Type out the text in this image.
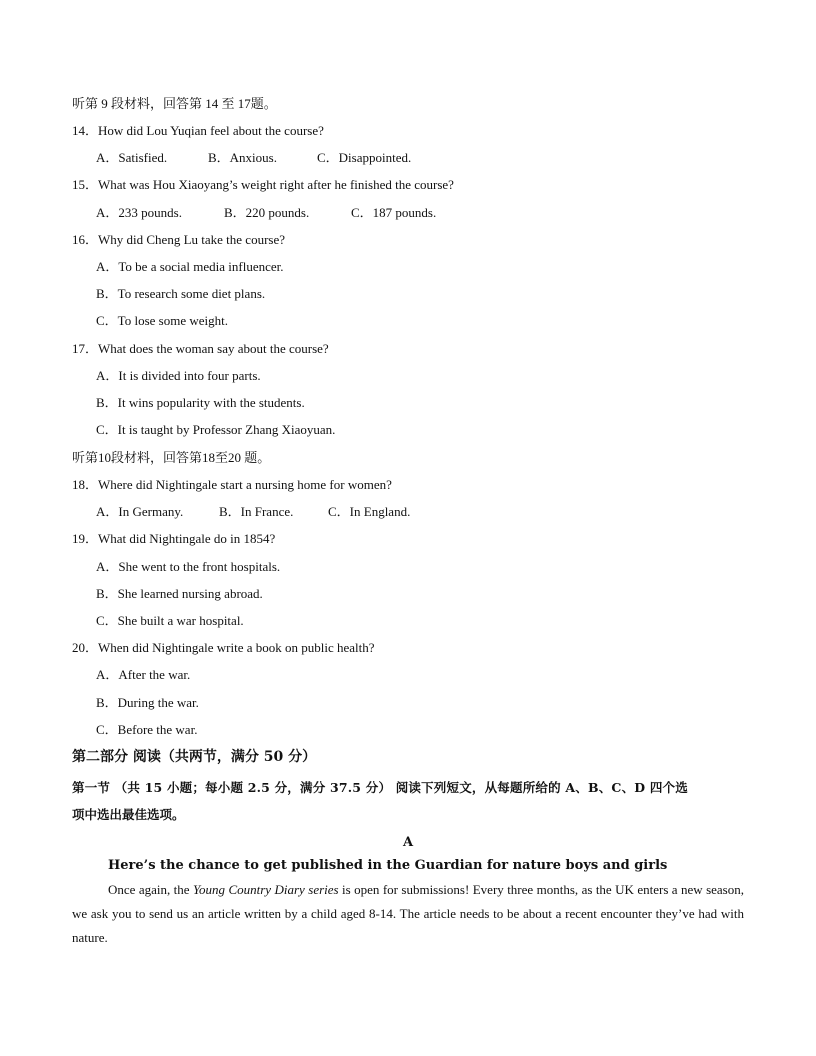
听第 9 段材料，回答第 14 至 17题。
14．How did Lou Yuqian feel about the course?
A．Satisfied.	B．Anxious.	C．Disappointed.
15．What was Hou Xiaoyang’s weight right after he finished the course?
A．233 pounds.	B．220 pounds.	C．187 pounds.
16．Why did Cheng Lu take the course?
A．To be a social media influencer.
B．To research some diet plans.
C．To lose some weight.
17．What does the woman say about the course?
A．It is divided into four parts.
B．It wins popularity with the students.
C．It is taught by Professor Zhang Xiaoyuan.
听第10段材料，回答第18至20 题。
18．Where did Nightingale start a nursing home for women?
A．In Germany.	B．In France.	C．In England.
19．What did Nightingale do in 1854?
A．She went to the front hospitals.
B．She learned nursing abroad.
C．She built a war hospital.
20．When did Nightingale write a book on public health?
A．After the war.
B．During the war.
C．Before the war.
第二部分 阅读（共两节，满分 50 分）
第一节 （共 15 小题；每小题 2.5 分，满分 37.5 分） 阅读下列短文，从每题所给的 A、B、C、D 四个选
项中选出最佳选项。
A
Here’s the chance to get published in the Guardian for nature boys and girls
Once again, the Young Country Diary series is open for submissions! Every three months, as the UK enters a new season, we ask you to send us an article written by a child aged 8-14. The article needs to be about a recent encounter they’ve had with nature.
